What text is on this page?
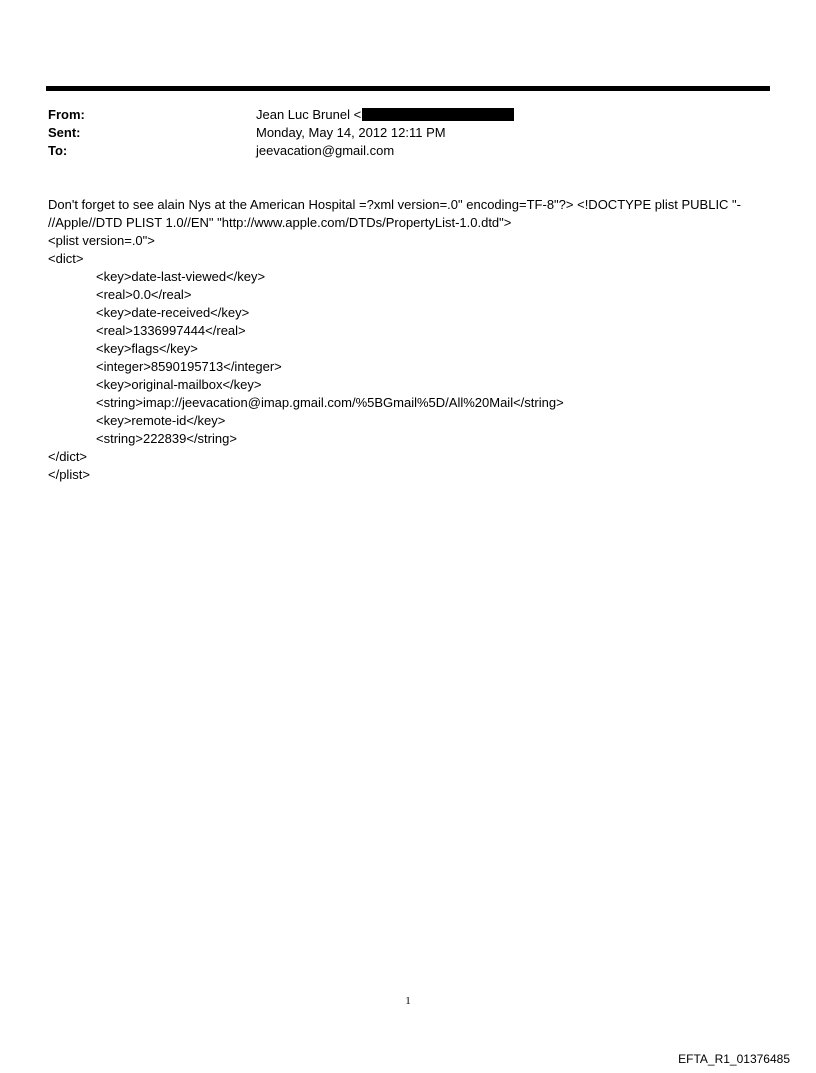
From:	Jean Luc Brunel <
Sent:	Monday, May 14, 2012 12:11 PM
To:	jeevacation@gmail.com
Don't forget to see alain Nys at the American Hospital =?xml version=.0" encoding=TF-8"?> <!DOCTYPE plist PUBLIC "-
//Apple//DTD PLIST 1.0//EN" "http://www.apple.com/DTDs/PropertyList-1.0.dtd">
<plist version=.0">
<dict>
<key>date-last-viewed</key>
<real>0.0</real>
<key>date-received</key>
<real>1336997444</real>
<key>flags</key>
<integer>8590195713</integer>
<key>original-mailbox</key>
<string>imap://jeevacation@imap.gmail.com/%5BGmail%5D/All%20Mail</string>
<key>remote-id</key>
<string>222839</string>
</dict>
</plist>
1
EFTA_R1_01376485
